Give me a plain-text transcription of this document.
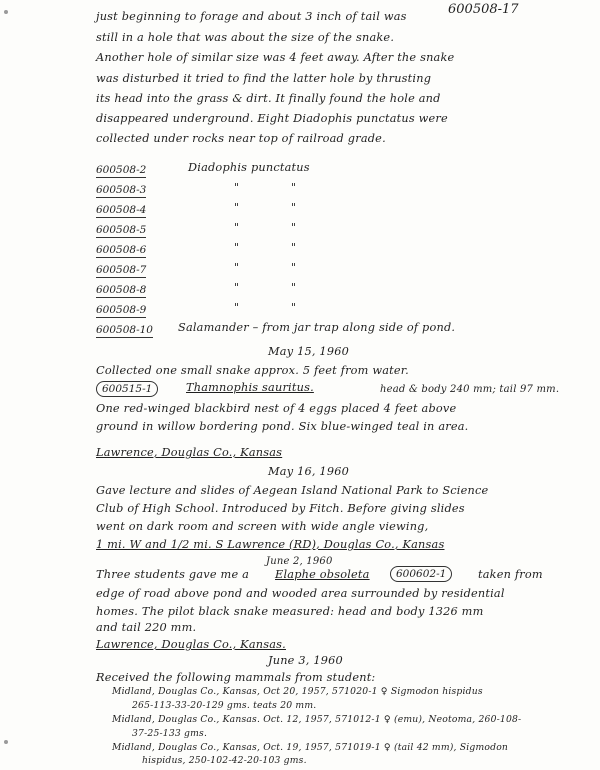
600508-17
just beginning to forage and about 3 inch of tail was
still in a hole that was about the size of the snake.
Another hole of similar size was 4 feet away. After the snake
was disturbed it tried to find the latter hole by thrusting
its head into the grass & dirt. It finally found the hole and
disappeared underground. Eight Diadophis punctatus were
collected under rocks near top of railroad grade.
600508-2	Diadophis punctatus
600508-3	"	"
600508-4	"	"
600508-5	"	"
600508-6	"	"
600508-7	"	"
600508-8	"	"
600508-9	"	"
600508-10 Salamander – from jar trap along side of pond.
May 15, 1960
Collected one small snake approx. 5 feet from water.
600515-1	Thamnophis sauritus.	head & body 240 mm; tail 97 mm.
One red-winged blackbird nest of 4 eggs placed 4 feet above
ground in willow bordering pond. Six blue-winged teal in area.
Lawrence, Douglas Co., Kansas
May 16, 1960
Gave lecture and slides of Aegean Island National Park to Science
Club of High School. Introduced by Fitch. Before giving slides
went on dark room and screen with wide angle viewing,
1 mi. W and 1/2 mi. S Lawrence (RD), Douglas Co., Kansas
June 2, 1960
Three students gave me a Elaphe obsoleta	600602-1	taken from
edge of road above pond and wooded area surrounded by residential
homes. The pilot black snake measured: head and body 1326 mm
and tail 220 mm.
Lawrence, Douglas Co., Kansas.
June 3, 1960
Received the following mammals from student:
Midland, Douglas Co., Kansas, Oct 20, 1957, 571020-1 ♀ Sigmodon hispidus
265-113-33-20-129 gms. teats 20 mm.
Midland, Douglas Co., Kansas. Oct. 12, 1957, 571012-1 ♀ (emu), Neotoma, 260-108-
37-25-133 gms.
Midland, Douglas Co., Kansas, Oct. 19, 1957, 571019-1 ♀ (tail 42 mm), Sigmodon
hispidus, 250-102-42-20-103 gms.
